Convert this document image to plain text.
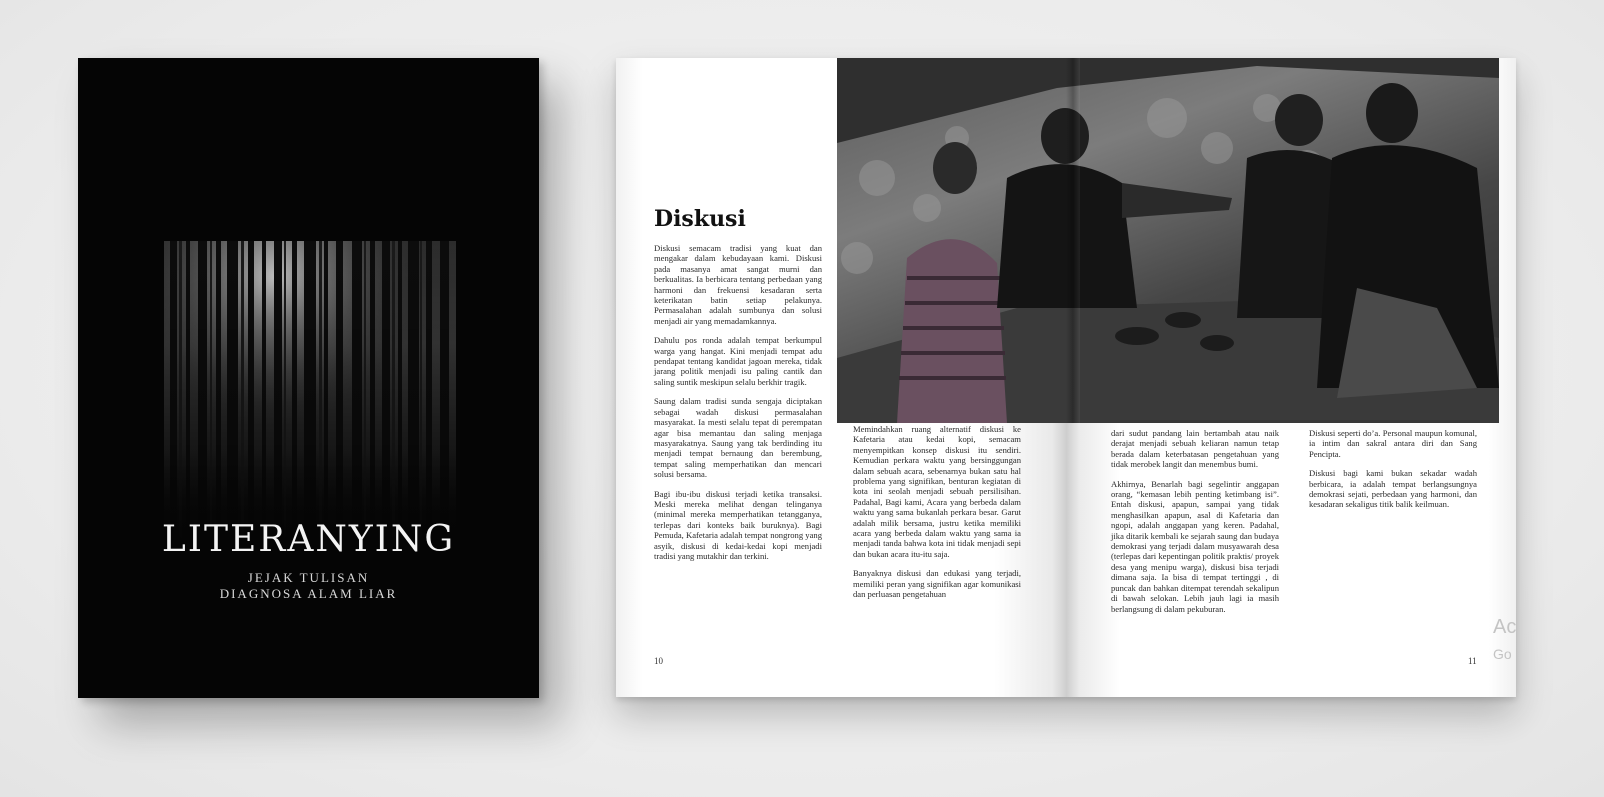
LITERANYING
JEJAK TULISAN
DIAGNOSA ALAM LIAR
Diskusi

Diskusi semacam tradisi yang kuat dan mengakar dalam kebudayaan kami. Diskusi pada masanya amat sangat murni dan berkualitas. Ia berbicara tentang perbedaan yang harmoni dan frekuensi kesadaran serta keterikatan batin setiap pelakunya. Permasalahan adalah sumbunya dan solusi menjadi air yang memadamkannya.

Dahulu pos ronda adalah tempat berkumpul warga yang hangat. Kini menjadi tempat adu pendapat tentang kandidat jagoan mereka, tidak jarang politik menjadi isu paling cantik dan saling suntik meskipun selalu berkhir tragik.

Saung dalam tradisi sunda sengaja diciptakan sebagai wadah diskusi permasalahan masyarakat. Ia mesti selalu tepat di perempatan agar bisa memantau dan saling menjaga masyarakatnya. Saung yang tak berdinding itu menjadi tempat bernaung dan berembung, tempat saling memperhatikan dan mencari solusi bersama.

Bagi ibu-ibu diskusi terjadi ketika transaksi. Meski mereka melihat dengan telinganya (minimal mereka memperhatikan tetangganya, terlepas dari konteks baik buruknya). Bagi Pemuda, Kafetaria adalah tempat nongrong yang asyik, diskusi di kedai-kedai kopi menjadi tradisi yang mutakhir dan terkini.

Memindahkan ruang alternatif diskusi ke Kafetaria atau kedai kopi, semacam menyempitkan konsep diskusi itu sendiri. Kemudian perkara waktu yang bersinggungan dalam sebuah acara, sebenarnya bukan satu hal problema yang signifikan, benturan kegiatan di kota ini seolah menjadi sebuah persilisihan. Padahal, Bagi kami, Acara yang berbeda dalam waktu yang sama bukanlah perkara besar. Garut adalah milik bersama, justru ketika memiliki acara yang berbeda dalam waktu yang sama ia menjadi tanda bahwa kota ini tidak menjadi sepi dan bukan acara itu-itu saja.

Banyaknya diskusi dan edukasi yang terjadi, memiliki peran yang signifikan agar komunikasi dan perluasan pengetahuan

dari sudut pandang lain bertambah atau naik derajat menjadi sebuah keliaran namun tetap berada dalam keterbatasan pengetahuan yang tidak merobek langit dan menembus bumi.

Akhirnya, Benarlah bagi segelintir anggapan orang, “kemasan lebih penting ketimbang isi”. Entah diskusi, apapun, sampai yang tidak menghasilkan apapun, asal di Kafetaria dan ngopi, adalah anggapan yang keren. Padahal, jika ditarik kembali ke sejarah saung dan budaya demokrasi yang terjadi dalam musyawarah desa (terlepas dari kepentingan politik praktis/ proyek desa yang menipu warga), diskusi bisa terjadi dimana saja. Ia bisa di tempat tertinggi , di puncak dan bahkan ditempat terendah sekalipun di bawah selokan. Lebih jauh lagi ia masih berlangsung di dalam pekuburan.

Diskusi seperti do’a. Personal maupun komunal, ia intim dan sakral antara diri dan Sang Pencipta.

Diskusi bagi kami bukan sekadar wadah berbicara, ia adalah tempat berlangsungnya demokrasi sejati, perbedaan yang harmoni, dan kesadaran sekaligus titik balik keilmuan.

10	11
Ac
Go
